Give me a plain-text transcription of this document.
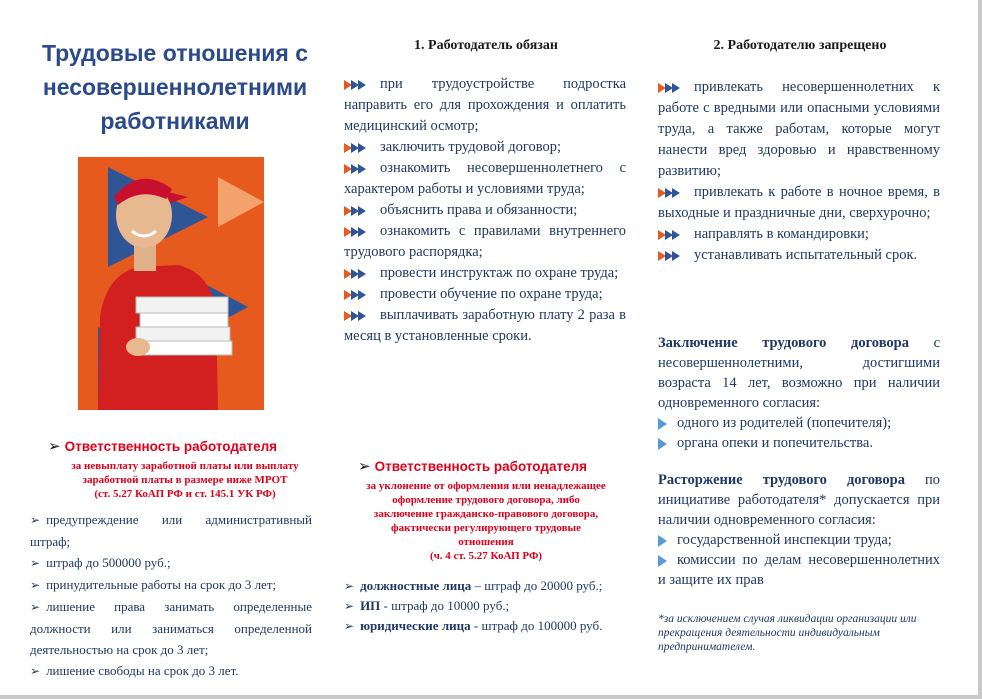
Трудовые отношения с
несовершеннолетними
работниками
➢ Ответственность работодателя
за невыплату заработной платы или выплату
заработной платы в размере ниже МРОТ
(ст. 5.27 КоАП РФ и ст. 145.1 УК РФ)
➢ предупреждение или административный штраф;
➢ штраф до 500000 руб.;
➢ принудительные работы на срок до 3 лет;
➢ лишение права занимать определенные должности или заниматься определенной деятельностью на срок до 3 лет;
➢ лишение свободы на срок до 3 лет.
1. Работодатель обязан
при трудоустройстве подростка направить его для прохождения и оплатить медицинский осмотр;
заключить трудовой договор;
ознакомить несовершеннолетнего с характером работы и условиями труда;
объяснить права и обязанности;
ознакомить с правилами внутреннего трудового распорядка;
провести инструктаж по охране труда;
провести обучение по охране труда;
выплачивать заработную плату 2 раза в месяц в установленные сроки.
➢ Ответственность работодателя
за уклонение от оформления или ненадлежащее
оформление трудового договора, либо
заключение гражданско-правового договора,
фактически регулирующего трудовые
отношения
(ч. 4 ст. 5.27 КоАП РФ)
➢ должностные лица – штраф до 20000 руб.;
➢ ИП - штраф до 10000 руб.;
➢ юридические лица - штраф до 100000 руб.
2. Работодателю запрещено
привлекать несовершеннолетних к работе с вредными или опасными условиями труда, а также работам, которые могут нанести вред здоровью и нравственному развитию;
привлекать к работе в ночное время, в выходные и праздничные дни, сверхурочно;
направлять в командировки;
устанавливать испытательный срок.
Заключение трудового договора с несовершеннолетними, достигшими возраста 14 лет, возможно при наличии одновременного согласия:
одного из родителей (попечителя);
органа опеки и попечительства.
Расторжение трудового договора по инициативе работодателя* допускается при наличии одновременного согласия:
государственной инспекции труда;
комиссии по делам несовершеннолетних и защите их прав
*за исключением случая ликвидации организации или прекращения деятельности индивидуальным предпринимателем.
